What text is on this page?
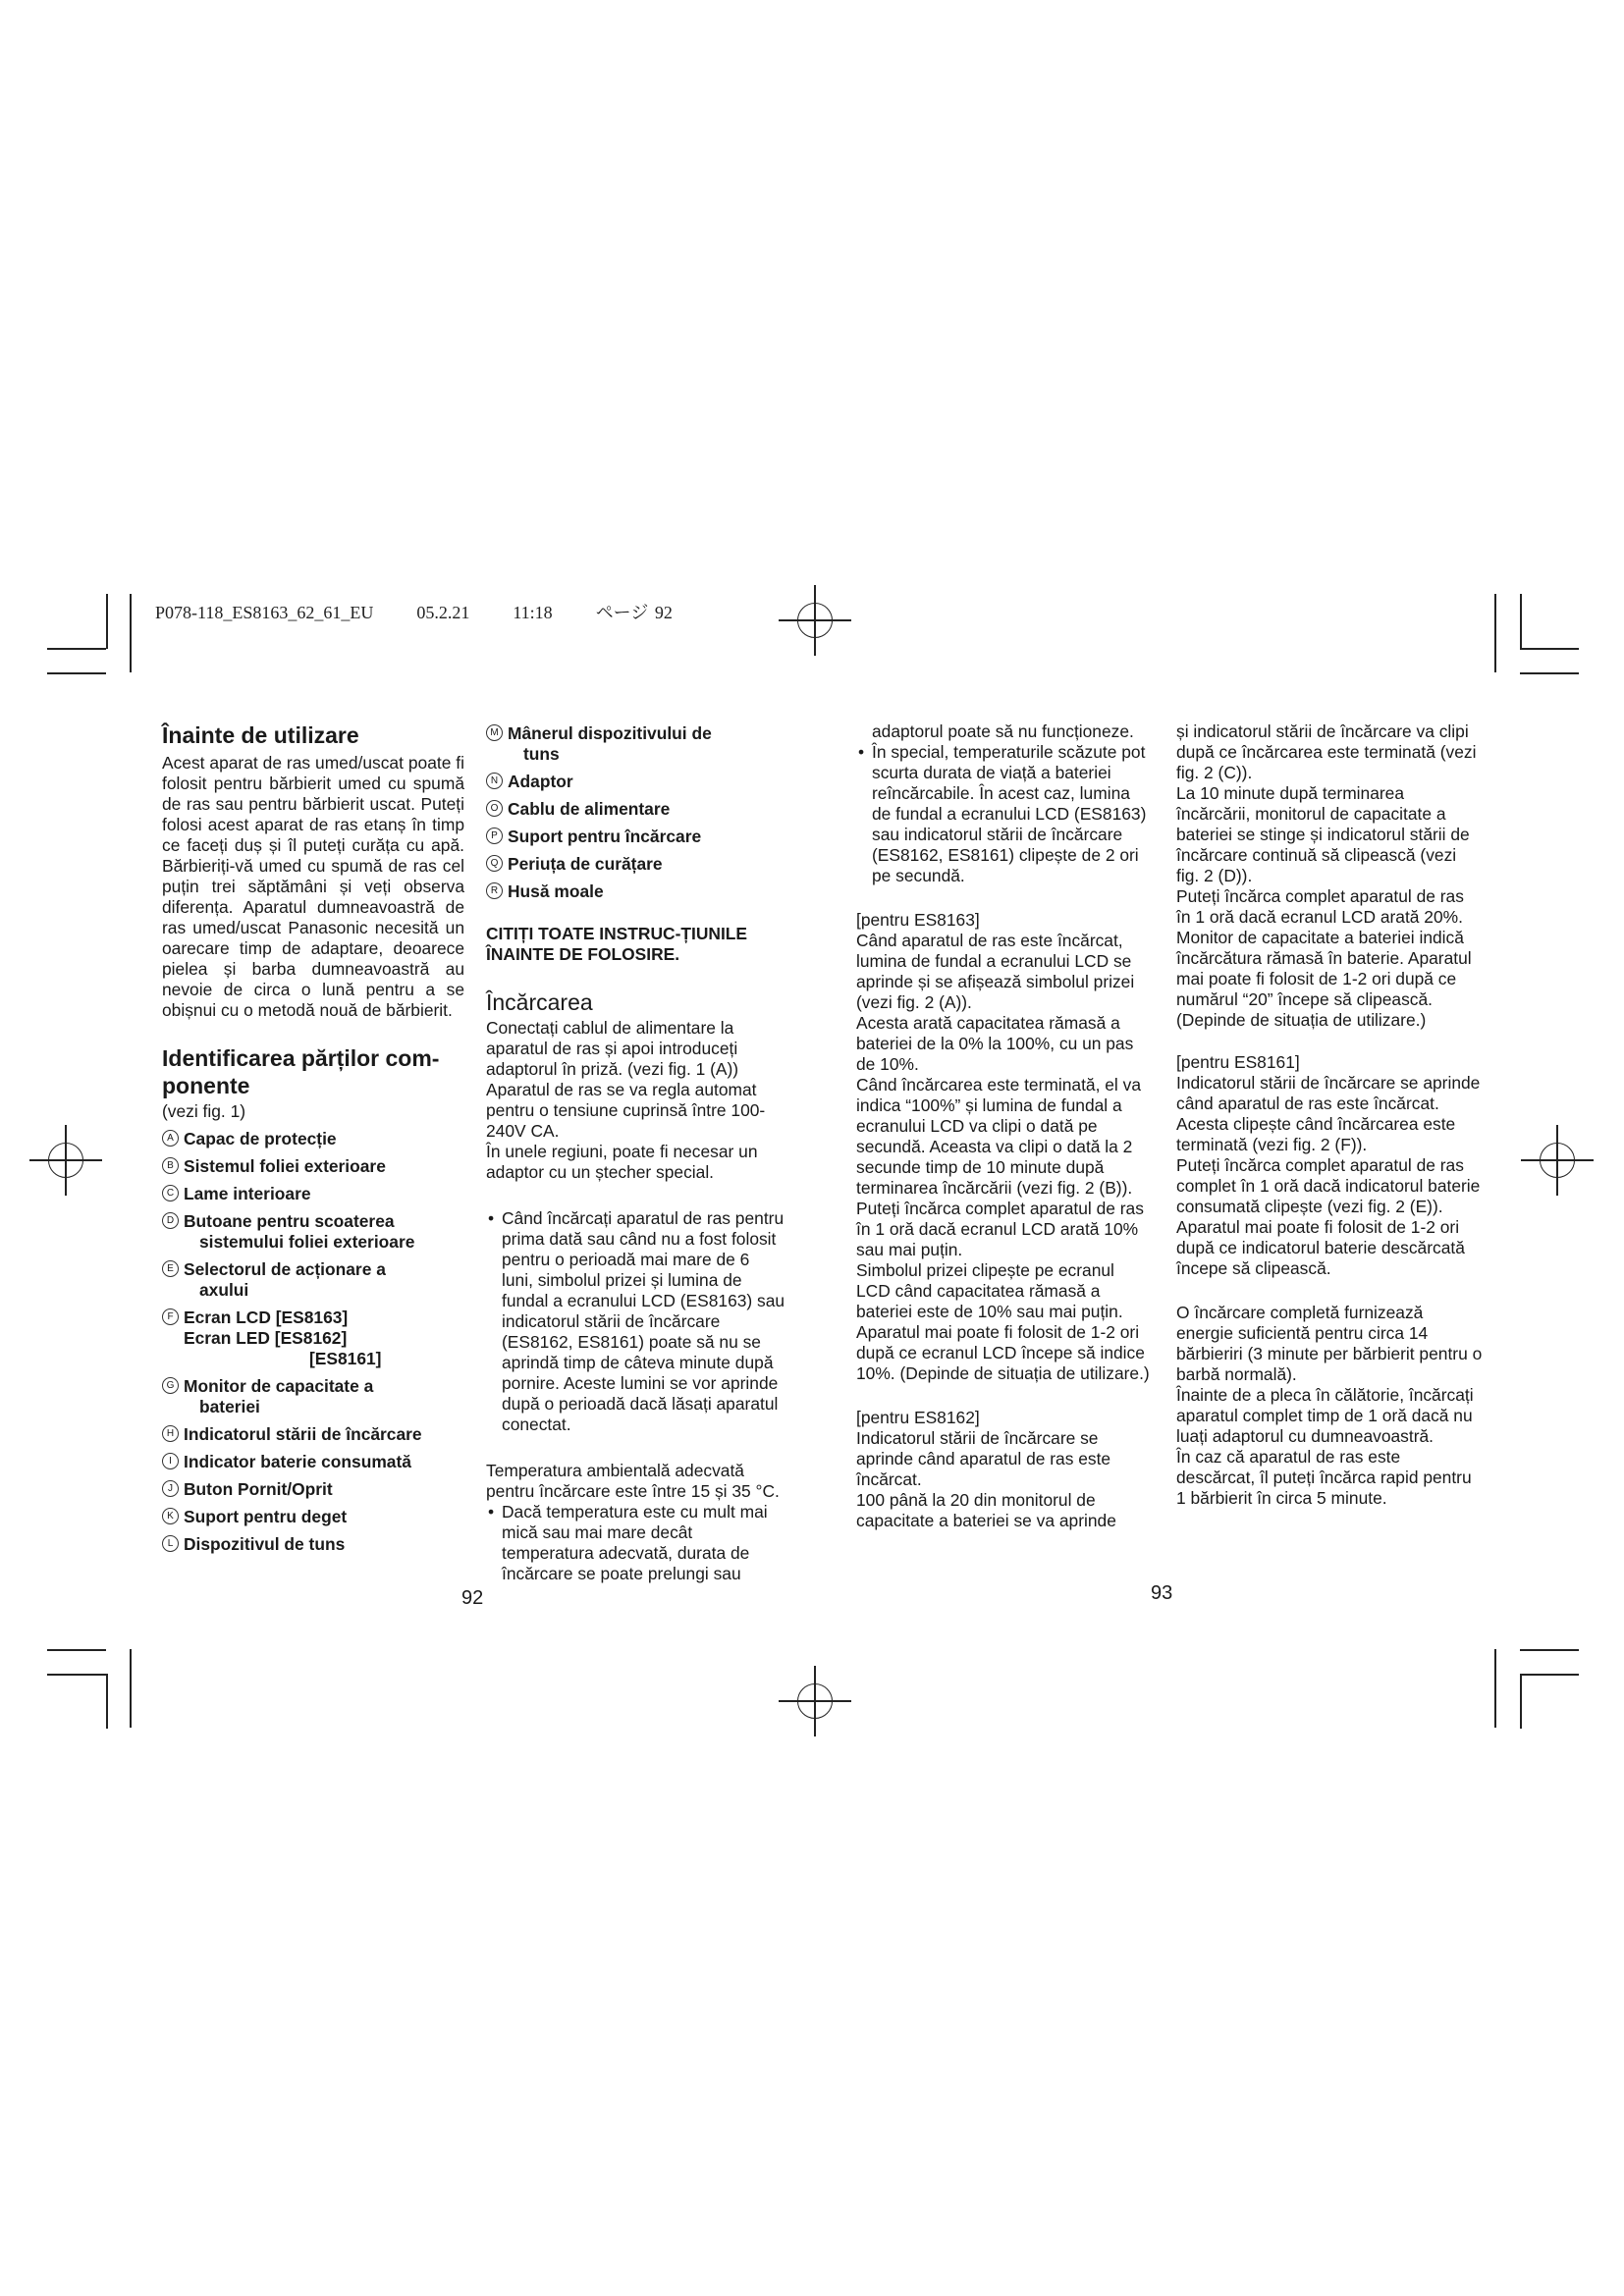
P078-118_ES8163_62_61_EU 05.2.21 11:18 ページ 92
Înainte de utilizare

Acest aparat de ras umed/uscat poate fi folosit pentru bărbierit umed cu spumă de ras sau pentru bărbierit uscat. Puteți folosi acest aparat de ras etanș în timp ce faceți duș și îl puteți curăța cu apă. Bărbieriți-vă umed cu spumă de ras cel puțin trei săptămâni și veți observa diferența. Aparatul dumneavoastră de ras umed/uscat Panasonic necesită un oarecare timp de adaptare, deoarece pielea și barba dumneavoastră au nevoie de circa o lună pentru a se obișnui cu o metodă nouă de bărbierit.

Identificarea părților com-
ponente

(vezi fig. 1)

A Capac de protecție
B Sistemul foliei exterioare
C Lame interioare
D Butoane pentru scoaterea
sistemului foliei exterioare
E Selectorul de acționare a
axului
F Ecran LCD [ES8163]
Ecran LED [ES8162]
[ES8161]
G Monitor de capacitate a
bateriei
H Indicatorul stării de încărcare
I Indicator baterie consumată
J Buton Pornit/Oprit
K Suport pentru deget
L Dispozitivul de tuns
M Mânerul dispozitivului de
tuns
N Adaptor
O Cablu de alimentare
P Suport pentru încărcare
Q Periuța de curățare
R Husă moale

CITIȚI TOATE INSTRUC-ȚIUNILE

ÎNAINTE DE FOLOSIRE.

Încărcarea

Conectați cablul de alimentare la aparatul de ras și apoi introduceți adaptorul în priză. (vezi fig. 1 (A)) Aparatul de ras se va regla automat pentru o tensiune cuprinsă între 100-240V CA.

În unele regiuni, poate fi necesar un adaptor cu un ștecher special.

• Când încărcați aparatul de ras pentru prima dată sau când nu a fost folosit pentru o perioadă mai mare de 6 luni, simbolul prizei și lumina de fundal a ecranului LCD (ES8163) sau indicatorul stării de încărcare (ES8162, ES8161) poate să nu se aprindă timp de câteva minute după pornire. Aceste lumini se vor aprinde după o perioadă dacă lăsați aparatul conectat.

Temperatura ambientală adecvată pentru încărcare este între 15 și 35 °C.

• Dacă temperatura este cu mult mai mică sau mai mare decât temperatura adecvată, durata de încărcare se poate prelungi sau

adaptorul poate să nu funcționeze.

• În special, temperaturile scăzute pot scurta durata de viață a bateriei reîncărcabile. În acest caz, lumina de fundal a ecranului LCD (ES8163) sau indicatorul stării de încărcare (ES8162, ES8161) clipește de 2 ori pe secundă.

[pentru ES8163]

Când aparatul de ras este încărcat, lumina de fundal a ecranului LCD se aprinde și se afișează simbolul prizei (vezi fig. 2 (A)).

Acesta arată capacitatea rămasă a bateriei de la 0% la 100%, cu un pas de 10%.

Când încărcarea este terminată, el va indica “100%” și lumina de fundal a ecranului LCD va clipi o dată pe secundă. Aceasta va clipi o dată la 2 secunde timp de 10 minute după terminarea încărcării (vezi fig. 2 (B)).

Puteți încărca complet aparatul de ras în 1 oră dacă ecranul LCD arată 10% sau mai puțin.

Simbolul prizei clipește pe ecranul LCD când capacitatea rămasă a bateriei este de 10% sau mai puțin.

Aparatul mai poate fi folosit de 1-2 ori după ce ecranul LCD începe să indice 10%. (Depinde de situația de utilizare.)

[pentru ES8162]

Indicatorul stării de încărcare se aprinde când aparatul de ras este încărcat.

100 până la 20 din monitorul de capacitate a bateriei se va aprinde

și indicatorul stării de încărcare va clipi după ce încărcarea este terminată (vezi fig. 2 (C)).

La 10 minute după terminarea încărcării, monitorul de capacitate a bateriei se stinge și indicatorul stării de încărcare continuă să clipească (vezi fig. 2 (D)).

Puteți încărca complet aparatul de ras în 1 oră dacă ecranul LCD arată 20%.

Monitor de capacitate a bateriei indică încărcătura rămasă în baterie. Aparatul mai poate fi folosit de 1-2 ori după ce numărul “20” începe să clipească. (Depinde de situația de utilizare.)

[pentru ES8161]

Indicatorul stării de încărcare se aprinde când aparatul de ras este încărcat. Acesta clipește când încărcarea este terminată (vezi fig. 2 (F)).

Puteți încărca complet aparatul de ras complet în 1 oră dacă indicatorul baterie consumată clipește (vezi fig. 2 (E)).

Aparatul mai poate fi folosit de 1-2 ori după ce indicatorul baterie descărcată începe să clipească.

O încărcare completă furnizează energie suficientă pentru circa 14 bărbieriri (3 minute per bărbierit pentru o barbă normală).

Înainte de a pleca în călătorie, încărcați aparatul complet timp de 1 oră dacă nu luați adaptorul cu dumneavoastră.

În caz că aparatul de ras este descărcat, îl puteți încărca rapid pentru 1 bărbierit în circa 5 minute.

92	93
